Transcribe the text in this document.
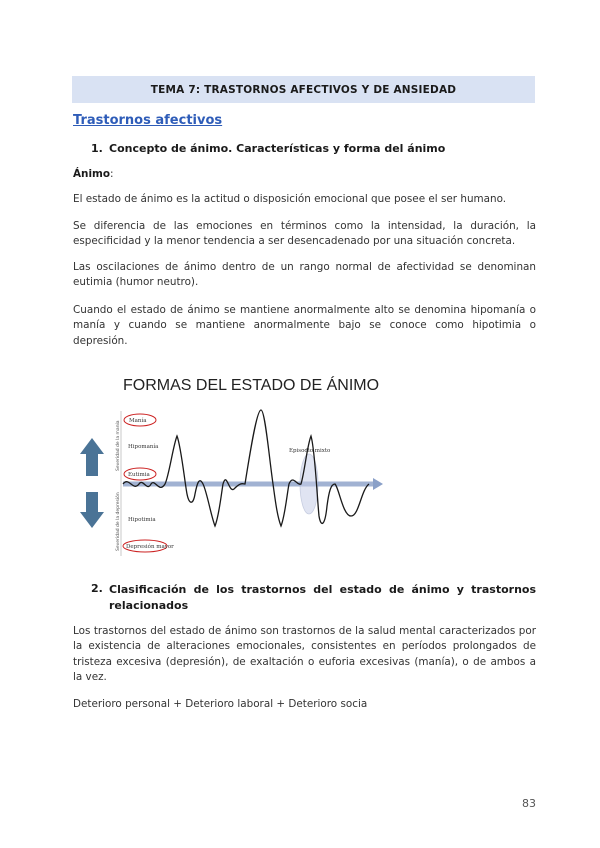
TEMA 7: TRASTORNOS AFECTIVOS Y DE ANSIEDAD
Trastornos afectivos
1. Concepto de ánimo. Características y forma del ánimo
Ánimo:
El estado de ánimo es la actitud o disposición emocional que posee el ser humano.
Se diferencia de las emociones en términos como la intensidad, la duración, la especificidad y la menor tendencia a ser desencadenado por una situación concreta.
Las oscilaciones de ánimo dentro de un rango normal de afectividad se denominan eutimia (humor neutro).
Cuando el estado de ánimo se mantiene anormalmente alto se denomina hipomanía o manía y cuando se mantiene anormalmente bajo se conoce como hipotimia o depresión.
FORMAS DEL ESTADO DE ÁNIMO
Severidad de la manía
Severidad de la depresión
Manía
Hipomanía
Eutimia
Hipotimia
Depresión mayor
Episodio mixto
2. Clasificación de los trastornos del estado de ánimo y trastornos relacionados
Los trastornos del estado de ánimo son trastornos de la salud mental caracterizados por la existencia de alteraciones emocionales, consistentes en períodos prolongados de tristeza excesiva (depresión), de exaltación o euforia excesivas (manía), o de ambos a la vez.
Deterioro personal + Deterioro laboral + Deterioro socia
83
